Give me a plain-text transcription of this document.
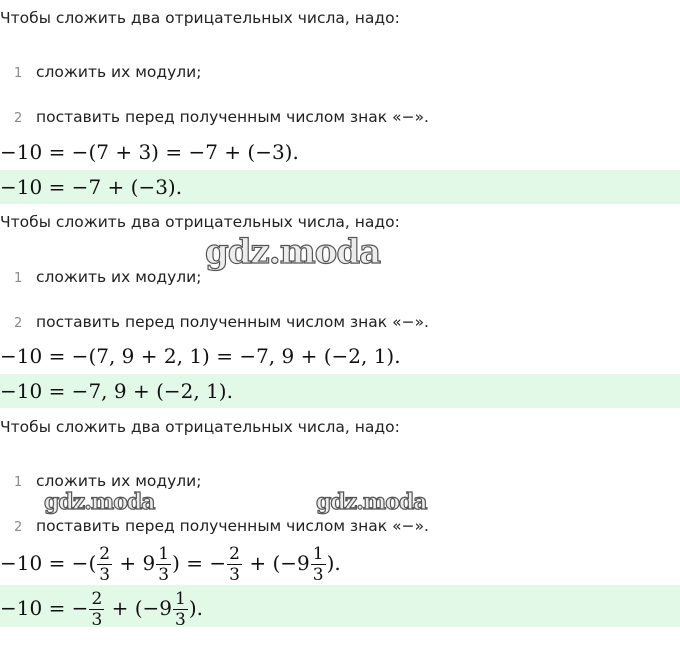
Чтобы сложить два отрицательных числа, надо:
1 сложить их модули;
2 поставить перед полученным числом знак «−».
−10 = −(7 + 3) = −7 + (−3).
−10 = −7 + (−3).
Чтобы сложить два отрицательных числа, надо:
1 сложить их модули;
2 поставить перед полученным числом знак «−».
−10 = −(7, 9 + 2, 1) = −7, 9 + (−2, 1).
−10 = −7, 9 + (−2, 1).
Чтобы сложить два отрицательных числа, надо:
1 сложить их модули;
2 поставить перед полученным числом знак «−».
−10 = −( $\frac{2}{3} + 9 \frac{1}{3}$ ) = − $\frac{2}{3} + (-9 \frac{1}{3}$ ).
−10 = − $\frac{2}{3} + (-9 \frac{1}{3}$ ).
gdz.moda
gdz.moda	gdz.moda
